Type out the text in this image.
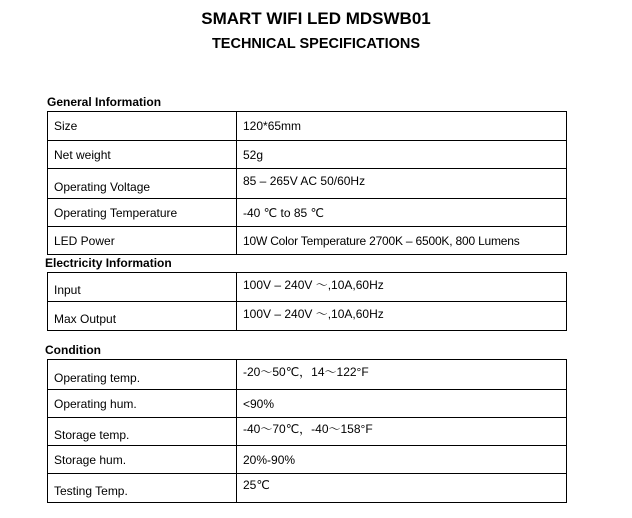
SMART WIFI LED MDSWB01
TECHNICAL SPECIFICATIONS
General Information
Size	120*65mm
Net weight	52g
Operating Voltage	85 – 265V AC 50/60Hz
Operating Temperature	-40 ℃ to 85 ℃
LED Power	10W Color Temperature 2700K – 6500K, 800 Lumens
Electricity Information
Input	100V – 240V ～,10A,60Hz
Max Output	100V – 240V ～,10A,60Hz
Condition
Operating temp.	-20～50℃，14～122°F
Operating hum.	<90%
Storage temp.	-40～70℃，-40～158°F
Storage hum.	20%-90%
Testing Temp.	25℃
